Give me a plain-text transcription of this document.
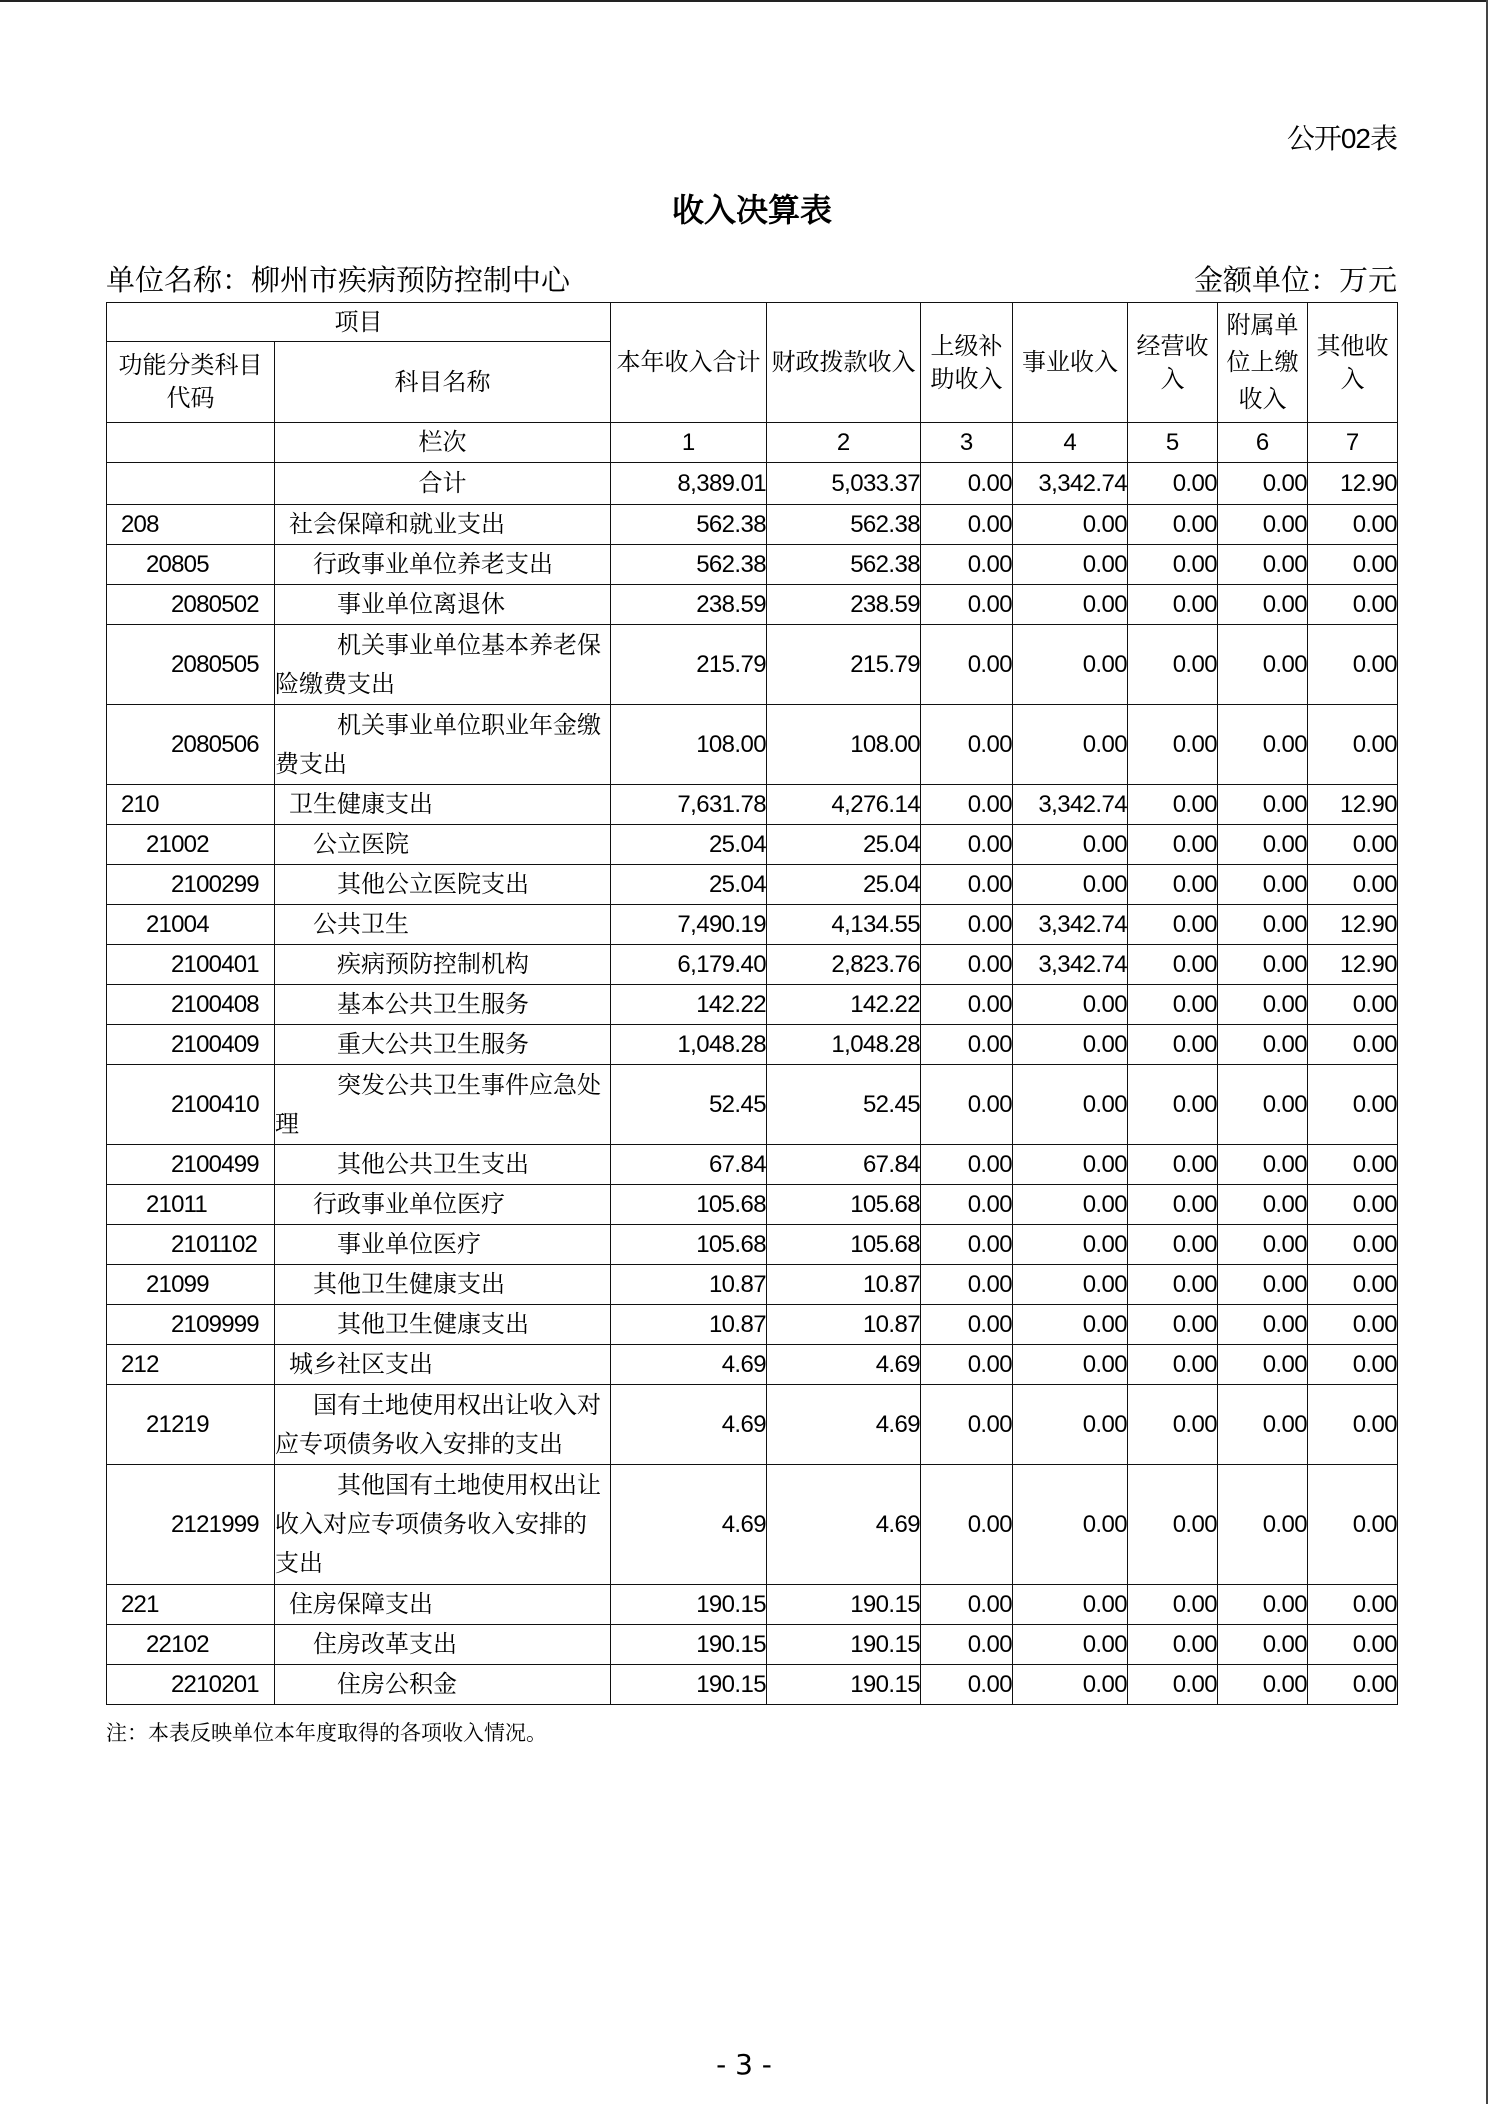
公开02表
收入决算表
单位名称：柳州市疾病预防控制中心	金额单位：万元
项目		本年收入合计	财政拨款收入	上级补助收入	事业收入	经营收入	附属单位上缴收入	其他收入
功能分类科目代码	科目名称							
	栏次	1	2	3	4	5	6	7
	合计	8,389.01	5,033.37	0.00	3,342.74	0.00	0.00	12.90
208	社会保障和就业支出	562.38	562.38	0.00	0.00	0.00	0.00	0.00
20805	行政事业单位养老支出	562.38	562.38	0.00	0.00	0.00	0.00	0.00
2080502	事业单位离退休	238.59	238.59	0.00	0.00	0.00	0.00	0.00
2080505	机关事业单位基本养老保险缴费支出	215.79	215.79	0.00	0.00	0.00	0.00	0.00
2080506	机关事业单位职业年金缴费支出	108.00	108.00	0.00	0.00	0.00	0.00	0.00
210	卫生健康支出	7,631.78	4,276.14	0.00	3,342.74	0.00	0.00	12.90
21002	公立医院	25.04	25.04	0.00	0.00	0.00	0.00	0.00
2100299	其他公立医院支出	25.04	25.04	0.00	0.00	0.00	0.00	0.00
21004	公共卫生	7,490.19	4,134.55	0.00	3,342.74	0.00	0.00	12.90
2100401	疾病预防控制机构	6,179.40	2,823.76	0.00	3,342.74	0.00	0.00	12.90
2100408	基本公共卫生服务	142.22	142.22	0.00	0.00	0.00	0.00	0.00
2100409	重大公共卫生服务	1,048.28	1,048.28	0.00	0.00	0.00	0.00	0.00
2100410	突发公共卫生事件应急处理	52.45	52.45	0.00	0.00	0.00	0.00	0.00
2100499	其他公共卫生支出	67.84	67.84	0.00	0.00	0.00	0.00	0.00
21011	行政事业单位医疗	105.68	105.68	0.00	0.00	0.00	0.00	0.00
2101102	事业单位医疗	105.68	105.68	0.00	0.00	0.00	0.00	0.00
21099	其他卫生健康支出	10.87	10.87	0.00	0.00	0.00	0.00	0.00
2109999	其他卫生健康支出	10.87	10.87	0.00	0.00	0.00	0.00	0.00
212	城乡社区支出	4.69	4.69	0.00	0.00	0.00	0.00	0.00
21219	国有土地使用权出让收入对应专项债务收入安排的支出	4.69	4.69	0.00	0.00	0.00	0.00	0.00
2121999	其他国有土地使用权出让收入对应专项债务收入安排的支出	4.69	4.69	0.00	0.00	0.00	0.00	0.00
221	住房保障支出	190.15	190.15	0.00	0.00	0.00	0.00	0.00
22102	住房改革支出	190.15	190.15	0.00	0.00	0.00	0.00	0.00
2210201	住房公积金	190.15	190.15	0.00	0.00	0.00	0.00	0.00
注：本表反映单位本年度取得的各项收入情况。
- 3 -
